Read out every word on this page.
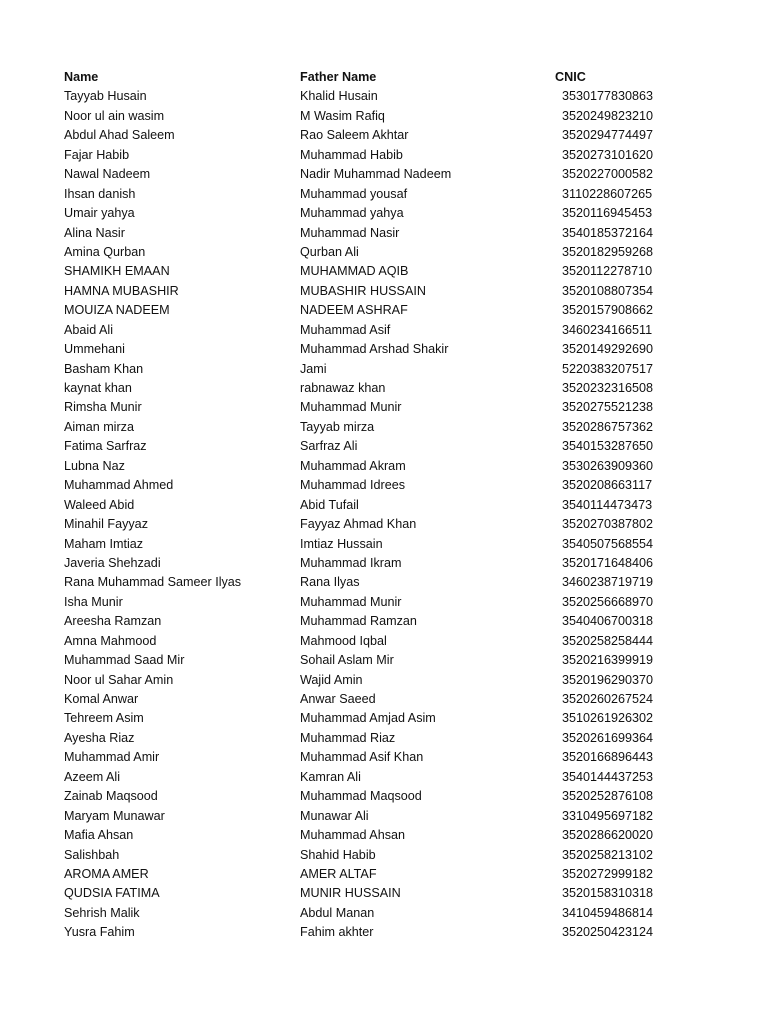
Name	Father Name	CNIC
Tayyab Husain	Khalid Husain	3530177830863
Noor ul ain wasim	M Wasim Rafiq	3520249823210
Abdul Ahad Saleem	Rao Saleem Akhtar	3520294774497
Fajar Habib	Muhammad Habib	3520273101620
Nawal Nadeem	Nadir Muhammad Nadeem	3520227000582
Ihsan danish	Muhammad yousaf	3110228607265
Umair yahya	Muhammad yahya	3520116945453
Alina Nasir	Muhammad Nasir	3540185372164
Amina Qurban	Qurban Ali	3520182959268
SHAMIKH EMAAN	MUHAMMAD AQIB	3520112278710
HAMNA MUBASHIR	MUBASHIR HUSSAIN	3520108807354
MOUIZA NADEEM	NADEEM ASHRAF	3520157908662
Abaid Ali	Muhammad Asif	3460234166511
Ummehani	Muhammad Arshad Shakir	3520149292690
Basham Khan	Jami	5220383207517
kaynat khan	rabnawaz khan	3520232316508
Rimsha Munir	Muhammad Munir	3520275521238
Aiman mirza	Tayyab mirza	3520286757362
Fatima Sarfraz	Sarfraz Ali	3540153287650
Lubna Naz	Muhammad Akram	3530263909360
Muhammad Ahmed	Muhammad Idrees	3520208663117
Waleed Abid	Abid Tufail	3540114473473
Minahil Fayyaz	Fayyaz Ahmad Khan	3520270387802
Maham Imtiaz	Imtiaz Hussain	3540507568554
Javeria Shehzadi	Muhammad Ikram	3520171648406
Rana Muhammad Sameer Ilyas	Rana Ilyas	3460238719719
Isha Munir	Muhammad Munir	3520256668970
Areesha Ramzan	Muhammad Ramzan	3540406700318
Amna Mahmood	Mahmood Iqbal	3520258258444
Muhammad Saad Mir	Sohail Aslam Mir	3520216399919
Noor ul Sahar Amin	Wajid Amin	3520196290370
Komal Anwar	Anwar Saeed	3520260267524
Tehreem Asim	Muhammad Amjad Asim	3510261926302
Ayesha Riaz	Muhammad Riaz	3520261699364
Muhammad Amir	Muhammad Asif Khan	3520166896443
Azeem Ali	Kamran Ali	3540144437253
Zainab Maqsood	Muhammad Maqsood	3520252876108
Maryam Munawar	Munawar Ali	3310495697182
Mafia Ahsan	Muhammad Ahsan	3520286620020
Salishbah	Shahid Habib	3520258213102
AROMA AMER	AMER ALTAF	3520272999182
QUDSIA FATIMA	MUNIR HUSSAIN	3520158310318
Sehrish Malik	Abdul Manan	3410459486814
Yusra Fahim	Fahim akhter	3520250423124
